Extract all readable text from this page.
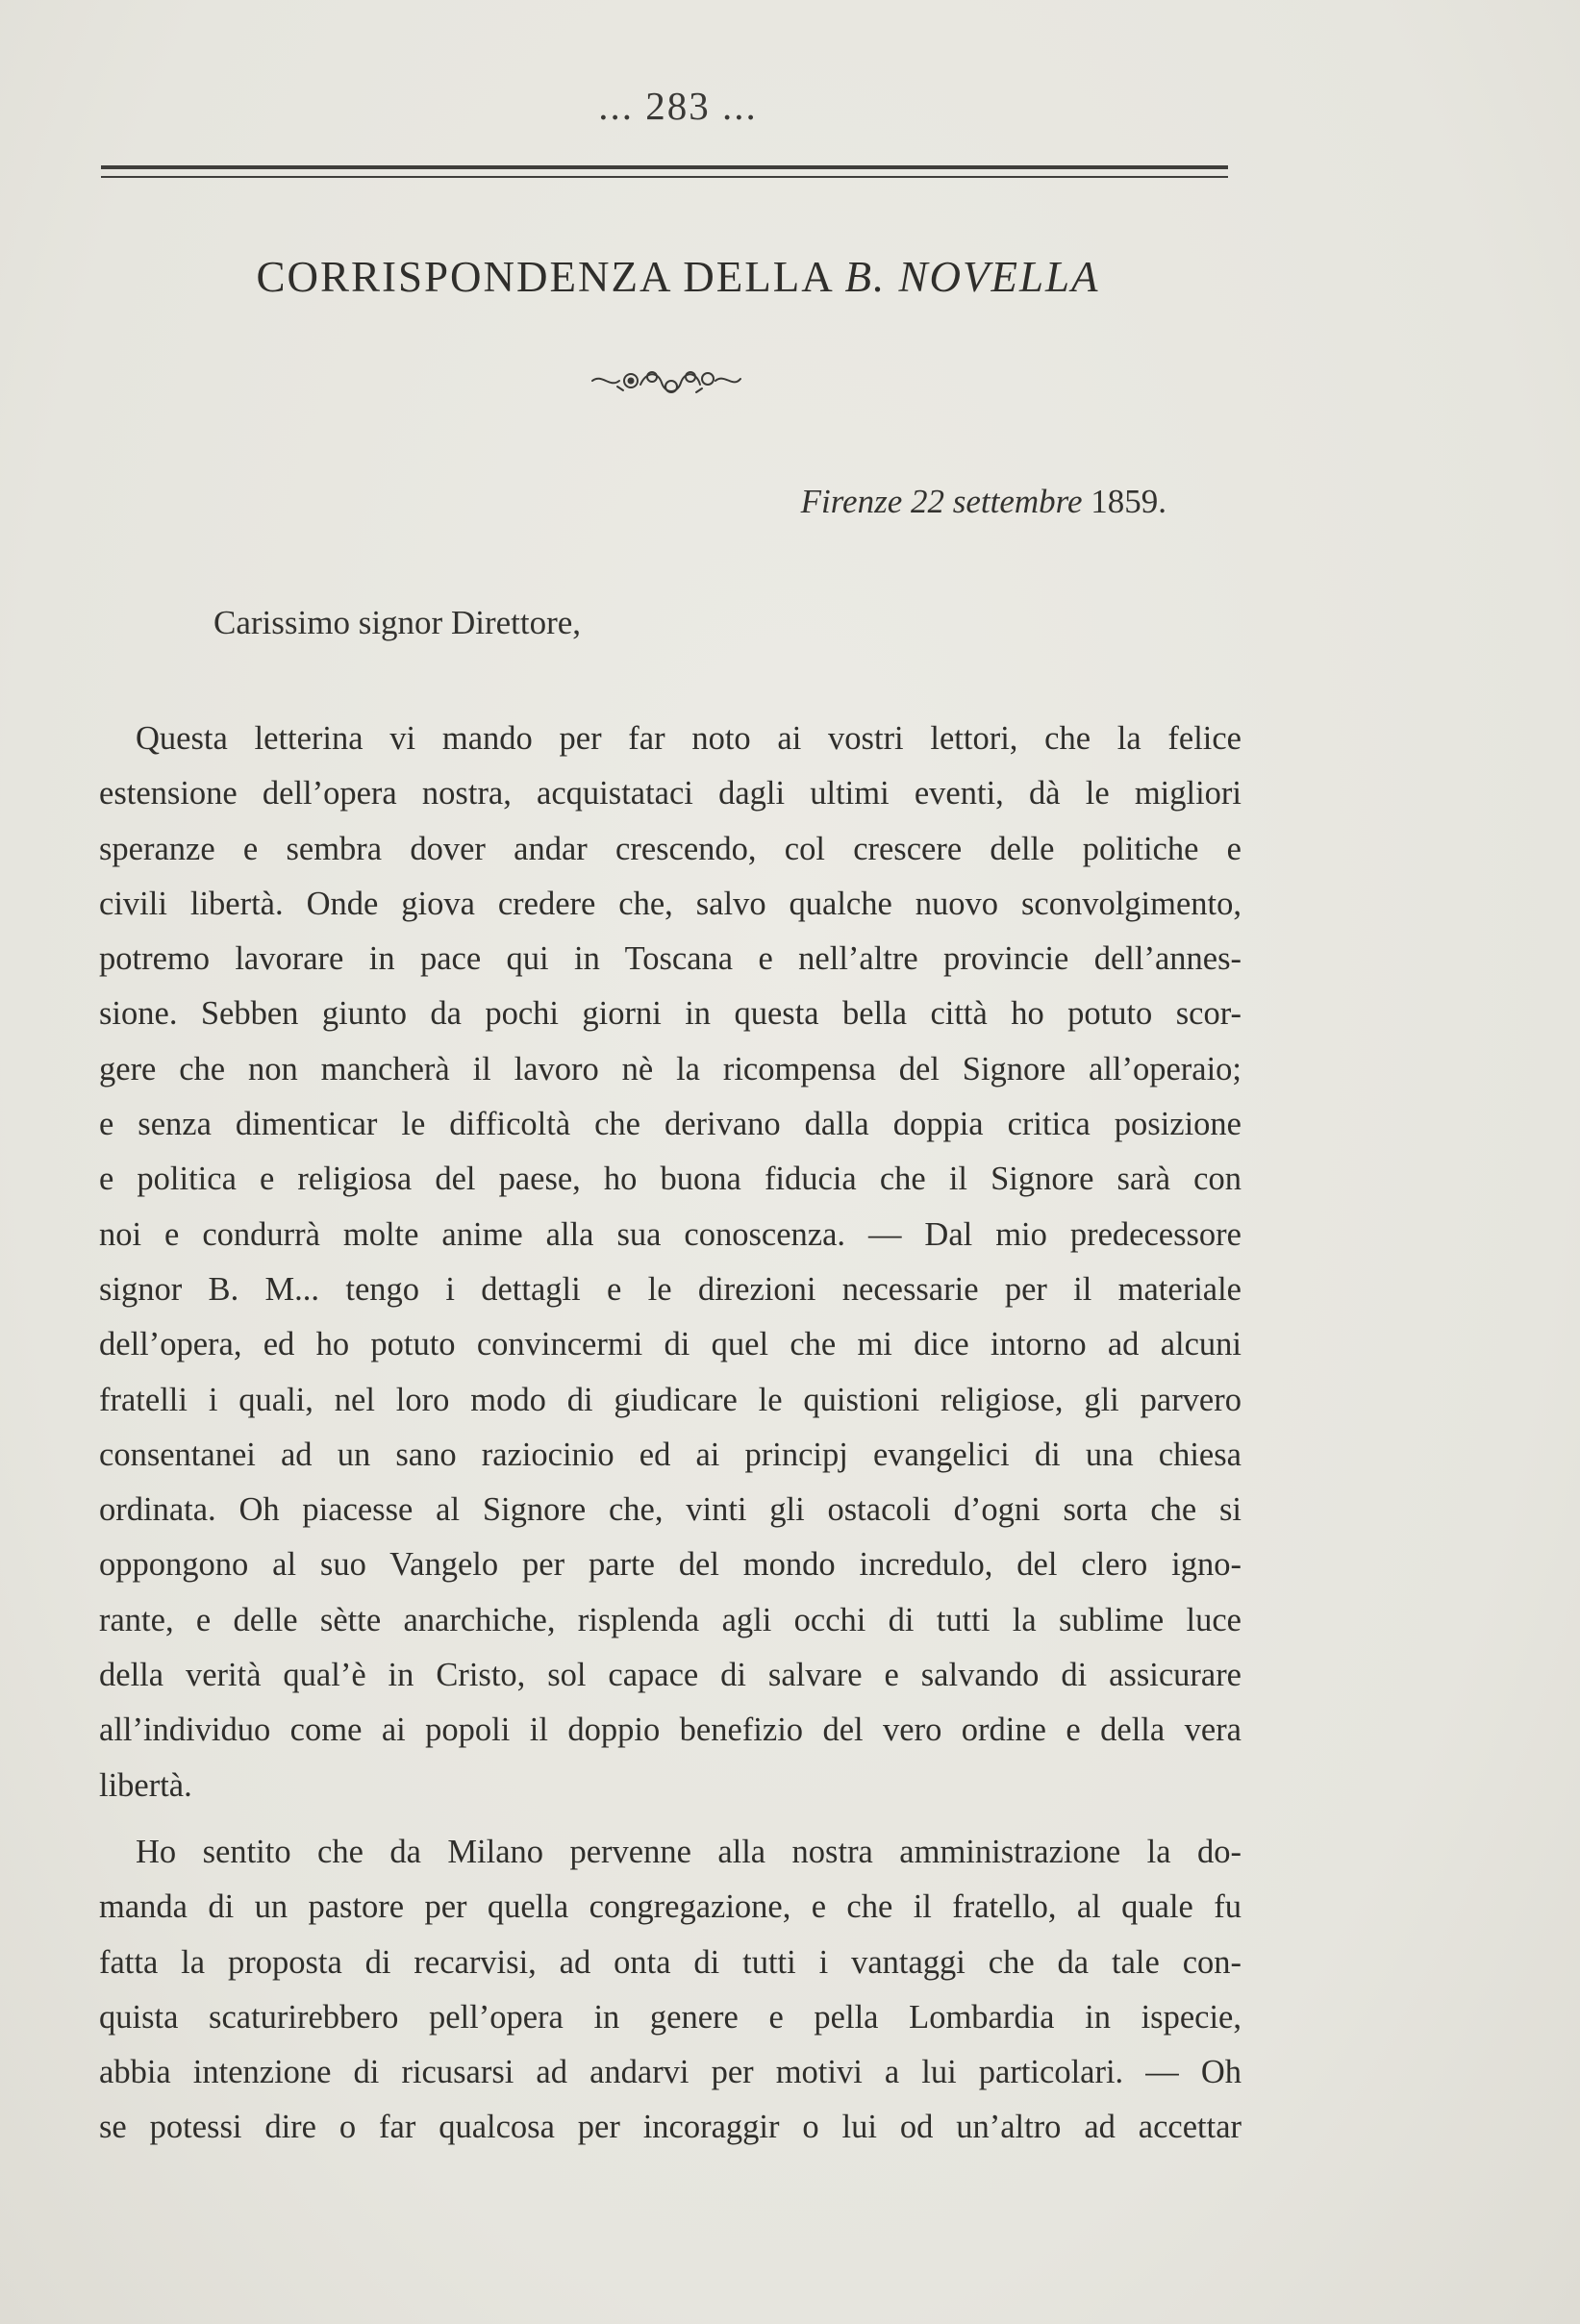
... 283 ...
CORRISPONDENZA DELLA B. NOVELLA
Firenze 22 settembre 1859.
Carissimo signor Direttore,
Questa letterina vi mando per far noto ai vostri lettori, che la felice
estensione dell’opera nostra, acquistataci dagli ultimi eventi, dà le migliori
speranze e sembra dover andar crescendo, col crescere delle politiche e
civili libertà. Onde giova credere che, salvo qualche nuovo sconvolgimento,
potremo lavorare in pace qui in Toscana e nell’altre provincie dell’annes-
sione. Sebben giunto da pochi giorni in questa bella città ho potuto scor-
gere che non mancherà il lavoro nè la ricompensa del Signore all’operaio;
e senza dimenticar le difficoltà che derivano dalla doppia critica posizione
e politica e religiosa del paese, ho buona fiducia che il Signore sarà con
noi e condurrà molte anime alla sua conoscenza. — Dal mio predecessore
signor B. M... tengo i dettagli e le direzioni necessarie per il materiale
dell’opera, ed ho potuto convincermi di quel che mi dice intorno ad alcuni
fratelli i quali, nel loro modo di giudicare le quistioni religiose, gli parvero
consentanei ad un sano raziocinio ed ai principj evangelici di una chiesa
ordinata. Oh piacesse al Signore che, vinti gli ostacoli d’ogni sorta che si
oppongono al suo Vangelo per parte del mondo incredulo, del clero igno-
rante, e delle sètte anarchiche, risplenda agli occhi di tutti la sublime luce
della verità qual’è in Cristo, sol capace di salvare e salvando di assicurare
all’individuo come ai popoli il doppio benefizio del vero ordine e della vera
libertà.
Ho sentito che da Milano pervenne alla nostra amministrazione la do-
manda di un pastore per quella congregazione, e che il fratello, al quale fu
fatta la proposta di recarvisi, ad onta di tutti i vantaggi che da tale con-
quista scaturirebbero pell’opera in genere e pella Lombardia in ispecie,
abbia intenzione di ricusarsi ad andarvi per motivi a lui particolari. — Oh
se potessi dire o far qualcosa per incoraggir o lui od un’altro ad accettar
